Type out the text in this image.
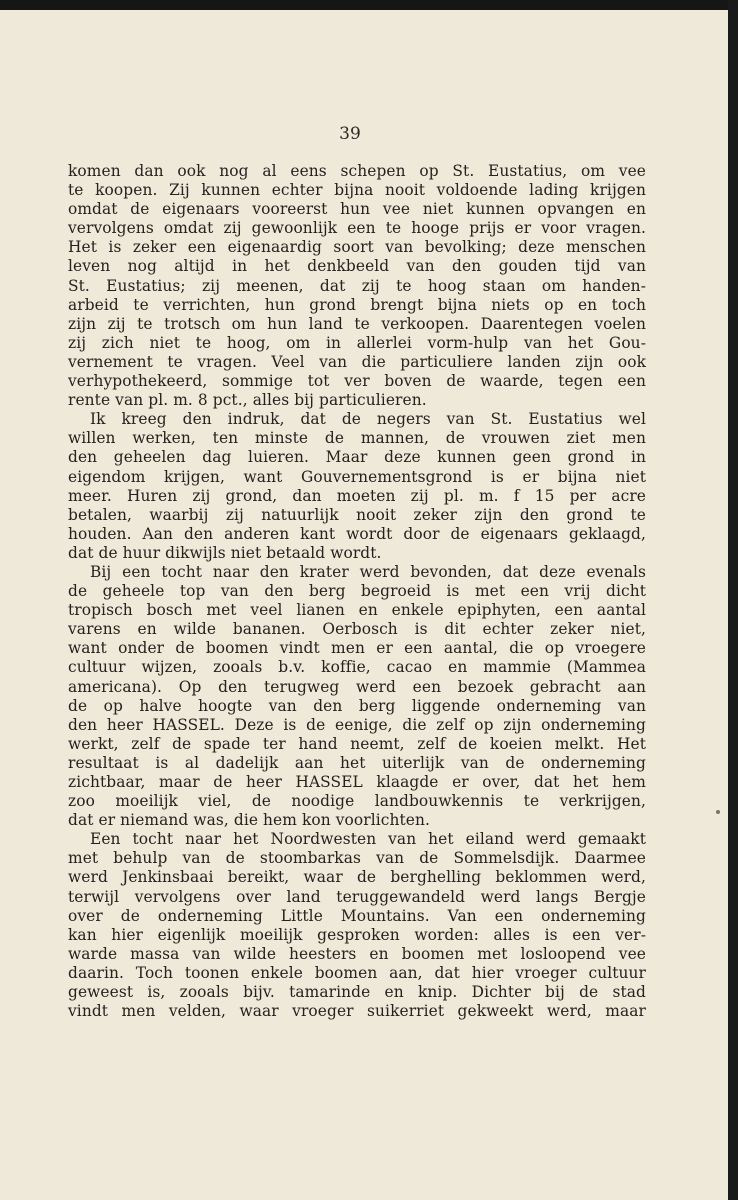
39
komen dan ook nog al eens schepen op St. Eustatius, om vee
te koopen. Zij kunnen echter bijna nooit voldoende lading krijgen
omdat de eigenaars vooreerst hun vee niet kunnen opvangen en
vervolgens omdat zij gewoonlijk een te hooge prijs er voor vragen.
Het is zeker een eigenaardig soort van bevolking; deze menschen
leven nog altijd in het denkbeeld van den gouden tijd van
St. Eustatius; zij meenen, dat zij te hoog staan om handen-
arbeid te verrichten, hun grond brengt bijna niets op en toch
zijn zij te trotsch om hun land te verkoopen. Daarentegen voelen
zij zich niet te hoog, om in allerlei vorm-hulp van het Gou-
vernement te vragen. Veel van die particuliere landen zijn ook
verhypothekeerd, sommige tot ver boven de waarde, tegen een
rente van pl. m. 8 pct., alles bij particulieren.
Ik kreeg den indruk, dat de negers van St. Eustatius wel
willen werken, ten minste de mannen, de vrouwen ziet men
den geheelen dag luieren. Maar deze kunnen geen grond in
eigendom krijgen, want Gouvernementsgrond is er bijna niet
meer. Huren zij grond, dan moeten zij pl. m. f 15 per acre
betalen, waarbij zij natuurlijk nooit zeker zijn den grond te
houden. Aan den anderen kant wordt door de eigenaars geklaagd,
dat de huur dikwijls niet betaald wordt.
Bij een tocht naar den krater werd bevonden, dat deze evenals
de geheele top van den berg begroeid is met een vrij dicht
tropisch bosch met veel lianen en enkele epiphyten, een aantal
varens en wilde bananen. Oerbosch is dit echter zeker niet,
want onder de boomen vindt men er een aantal, die op vroegere
cultuur wijzen, zooals b.v. koffie, cacao en mammie (Mammea
americana). Op den terugweg werd een bezoek gebracht aan
de op halve hoogte van den berg liggende onderneming van
den heer HASSEL. Deze is de eenige, die zelf op zijn onderneming
werkt, zelf de spade ter hand neemt, zelf de koeien melkt. Het
resultaat is al dadelijk aan het uiterlijk van de onderneming
zichtbaar, maar de heer HASSEL klaagde er over, dat het hem
zoo moeilijk viel, de noodige landbouwkennis te verkrijgen,
dat er niemand was, die hem kon voorlichten.
Een tocht naar het Noordwesten van het eiland werd gemaakt
met behulp van de stoombarkas van de Sommelsdijk. Daarmee
werd Jenkinsbaai bereikt, waar de berghelling beklommen werd,
terwijl vervolgens over land teruggewandeld werd langs Bergje
over de onderneming Little Mountains. Van een onderneming
kan hier eigenlijk moeilijk gesproken worden: alles is een ver-
warde massa van wilde heesters en boomen met losloopend vee
daarin. Toch toonen enkele boomen aan, dat hier vroeger cultuur
geweest is, zooals bijv. tamarinde en knip. Dichter bij de stad
vindt men velden, waar vroeger suikerriet gekweekt werd, maar
